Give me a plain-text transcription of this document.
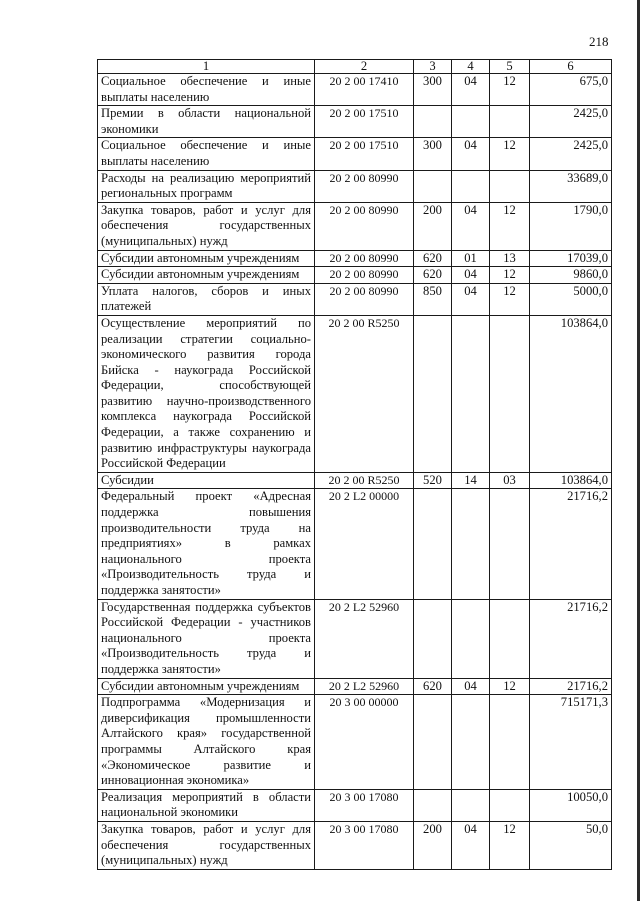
218
1	2	3	4	5	6
Социальное обеспечение и иные выплаты населению	20 2 00 17410	300	04	12	675,0
Премии в области национальной экономики	20 2 00 17510				2425,0
Социальное обеспечение и иные выплаты населению	20 2 00 17510	300	04	12	2425,0
Расходы на реализацию мероприятий региональных программ	20 2 00 80990				33689,0
Закупка товаров, работ и услуг для обеспечения государственных (муниципальных) нужд	20 2 00 80990	200	04	12	1790,0
Субсидии автономным учреждениям	20 2 00 80990	620	01	13	17039,0
Субсидии автономным учреждениям	20 2 00 80990	620	04	12	9860,0
Уплата налогов, сборов и иных платежей	20 2 00 80990	850	04	12	5000,0
Осуществление мероприятий по реализации стратегии социально-экономического развития города Бийска - наукограда Российской Федерации, способствующей развитию научно-производственного комплекса наукограда Российской Федерации, а также сохранению и развитию инфраструктуры наукограда Российской Федерации	20 2 00 R5250				103864,0
Субсидии	20 2 00 R5250	520	14	03	103864,0
Федеральный проект «Адресная поддержка повышения производительности труда на предприятиях» в рамках национального проекта «Производительность труда и поддержка занятости»	20 2 L2 00000				21716,2
Государственная поддержка субъектов Российской Федерации - участников национального проекта «Производительность труда и поддержка занятости»	20 2 L2 52960				21716,2
Субсидии автономным учреждениям	20 2 L2 52960	620	04	12	21716,2
Подпрограмма «Модернизация и диверсификация промышленности Алтайского края» государственной программы Алтайского края «Экономическое развитие и инновационная экономика»	20 3 00 00000				715171,3
Реализация мероприятий в области национальной экономики	20 3 00 17080				10050,0
Закупка товаров, работ и услуг для обеспечения государственных (муниципальных) нужд	20 3 00 17080	200	04	12	50,0
